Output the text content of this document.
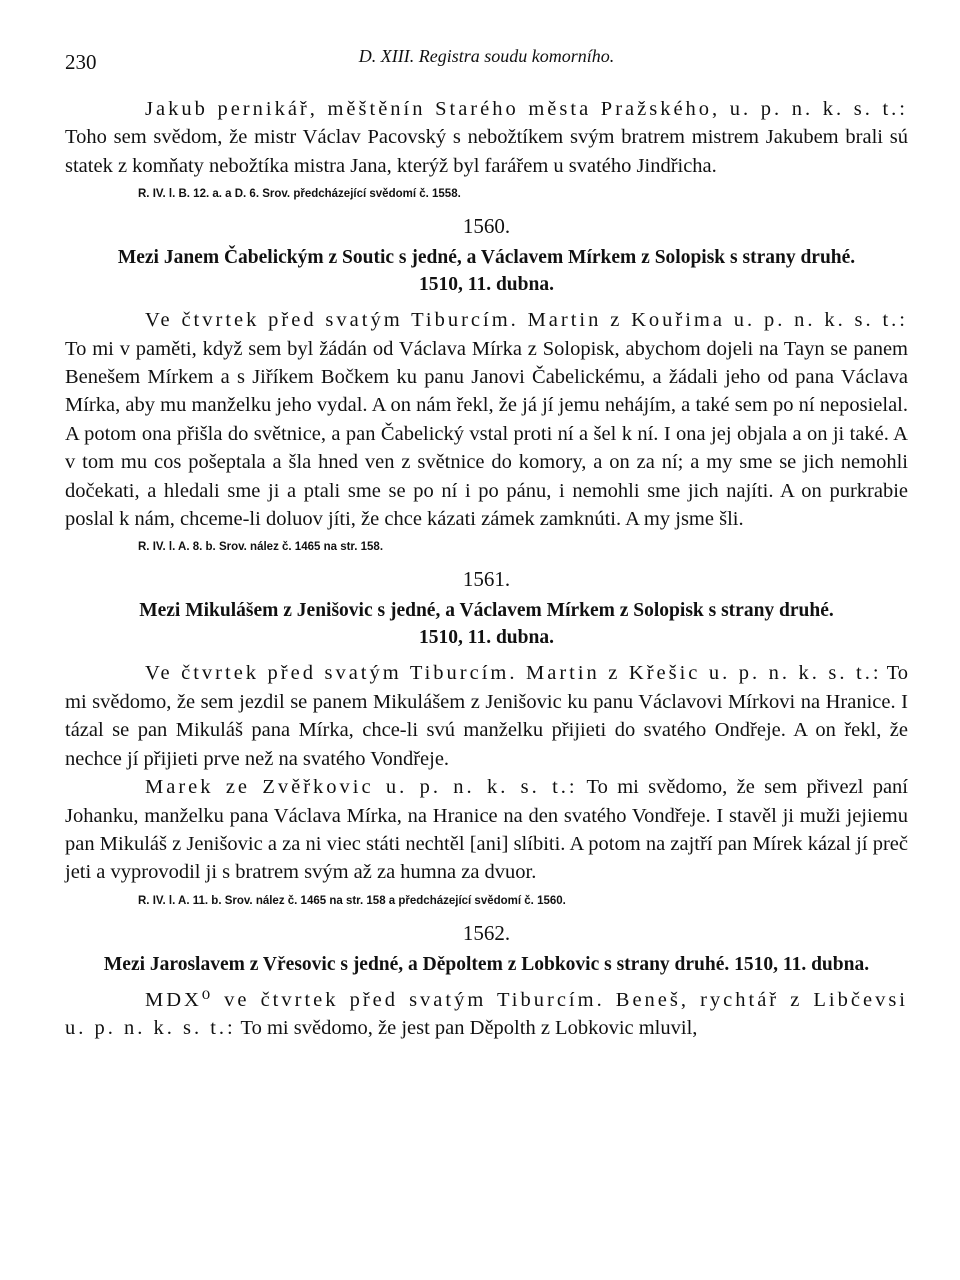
230	D. XIII. Registra soudu komorního.

Jakub pernikář, měštěnín Starého města Pražského, u. p. n. k. s. t.: Toho sem svědom, že mistr Václav Pacovský s nebožtíkem svým bratrem mistrem Jakubem brali sú statek z komňaty nebožtíka mistra Jana, kterýž byl farářem u svatého Jindřicha.

R. IV. l. B. 12. a. a D. 6. Srov. předcházející svědomí č. 1558.
1560.
Mezi Janem Čabelickým z Soutic s jedné, a Václavem Mírkem z Solopisk s strany druhé.
1510, 11. dubna.

Ve čtvrtek před svatým Tiburcím. Martin z Kouřima u. p. n. k. s. t.: To mi v paměti, když sem byl žádán od Václava Mírka z Solopisk, abychom dojeli na Tayn se panem Benešem Mírkem a s Jiříkem Bočkem ku panu Janovi Čabelickému, a žádali jeho od pana Václava Mírka, aby mu manželku jeho vydal. A on nám řekl, že já jí jemu nehájím, a také sem po ní neposielal. A potom ona přišla do světnice, a pan Čabelický vstal proti ní a šel k ní. I ona jej objala a on ji také. A v tom mu cos pošeptala a šla hned ven z světnice do komory, a on za ní; a my sme se jich nemohli dočekati, a hledali sme ji a ptali sme se po ní i po pánu, i nemohli sme jich najíti. A on purkrabie poslal k nám, chceme-li doluov jíti, že chce kázati zámek zamknúti. A my jsme šli.

R. IV. l. A. 8. b. Srov. nález č. 1465 na str. 158.
1561.
Mezi Mikulášem z Jenišovic s jedné, a Václavem Mírkem z Solopisk s strany druhé.
1510, 11. dubna.

Ve čtvrtek před svatým Tiburcím. Martin z Křešic u. p. n. k. s. t.: To mi svědomo, že sem jezdil se panem Mikulášem z Jenišovic ku panu Václavovi Mírkovi na Hranice. I tázal se pan Mikuláš pana Mírka, chce-li svú manželku přijieti do svatého Ondřeje. A on řekl, že nechce jí přijieti prve než na svatého Vondřeje.

Marek ze Zvěřkovic u. p. n. k. s. t.: To mi svědomo, že sem přivezl paní Johanku, manželku pana Václava Mírka, na Hranice na den svatého Vondřeje. I stavěl ji muži jejiemu pan Mikuláš z Jenišovic a za ni viec státi nechtěl [ani] slíbiti. A potom na zajtří pan Mírek kázal jí preč jeti a vyprovodil ji s bratrem svým až za humna za dvuor.

R. IV. l. A. 11. b. Srov. nález č. 1465 na str. 158 a předcházející svědomí č. 1560.
1562.
Mezi Jaroslavem z Vřesovic s jedné, a Děpoltem z Lobkovic s strany druhé. 1510, 11. dubna.

MDX⁰ ve čtvrtek před svatým Tiburcím. Beneš, rychtář z Libčevsi u. p. n. k. s. t.: To mi svědomo, že jest pan Děpolth z Lobkovic mluvil,
